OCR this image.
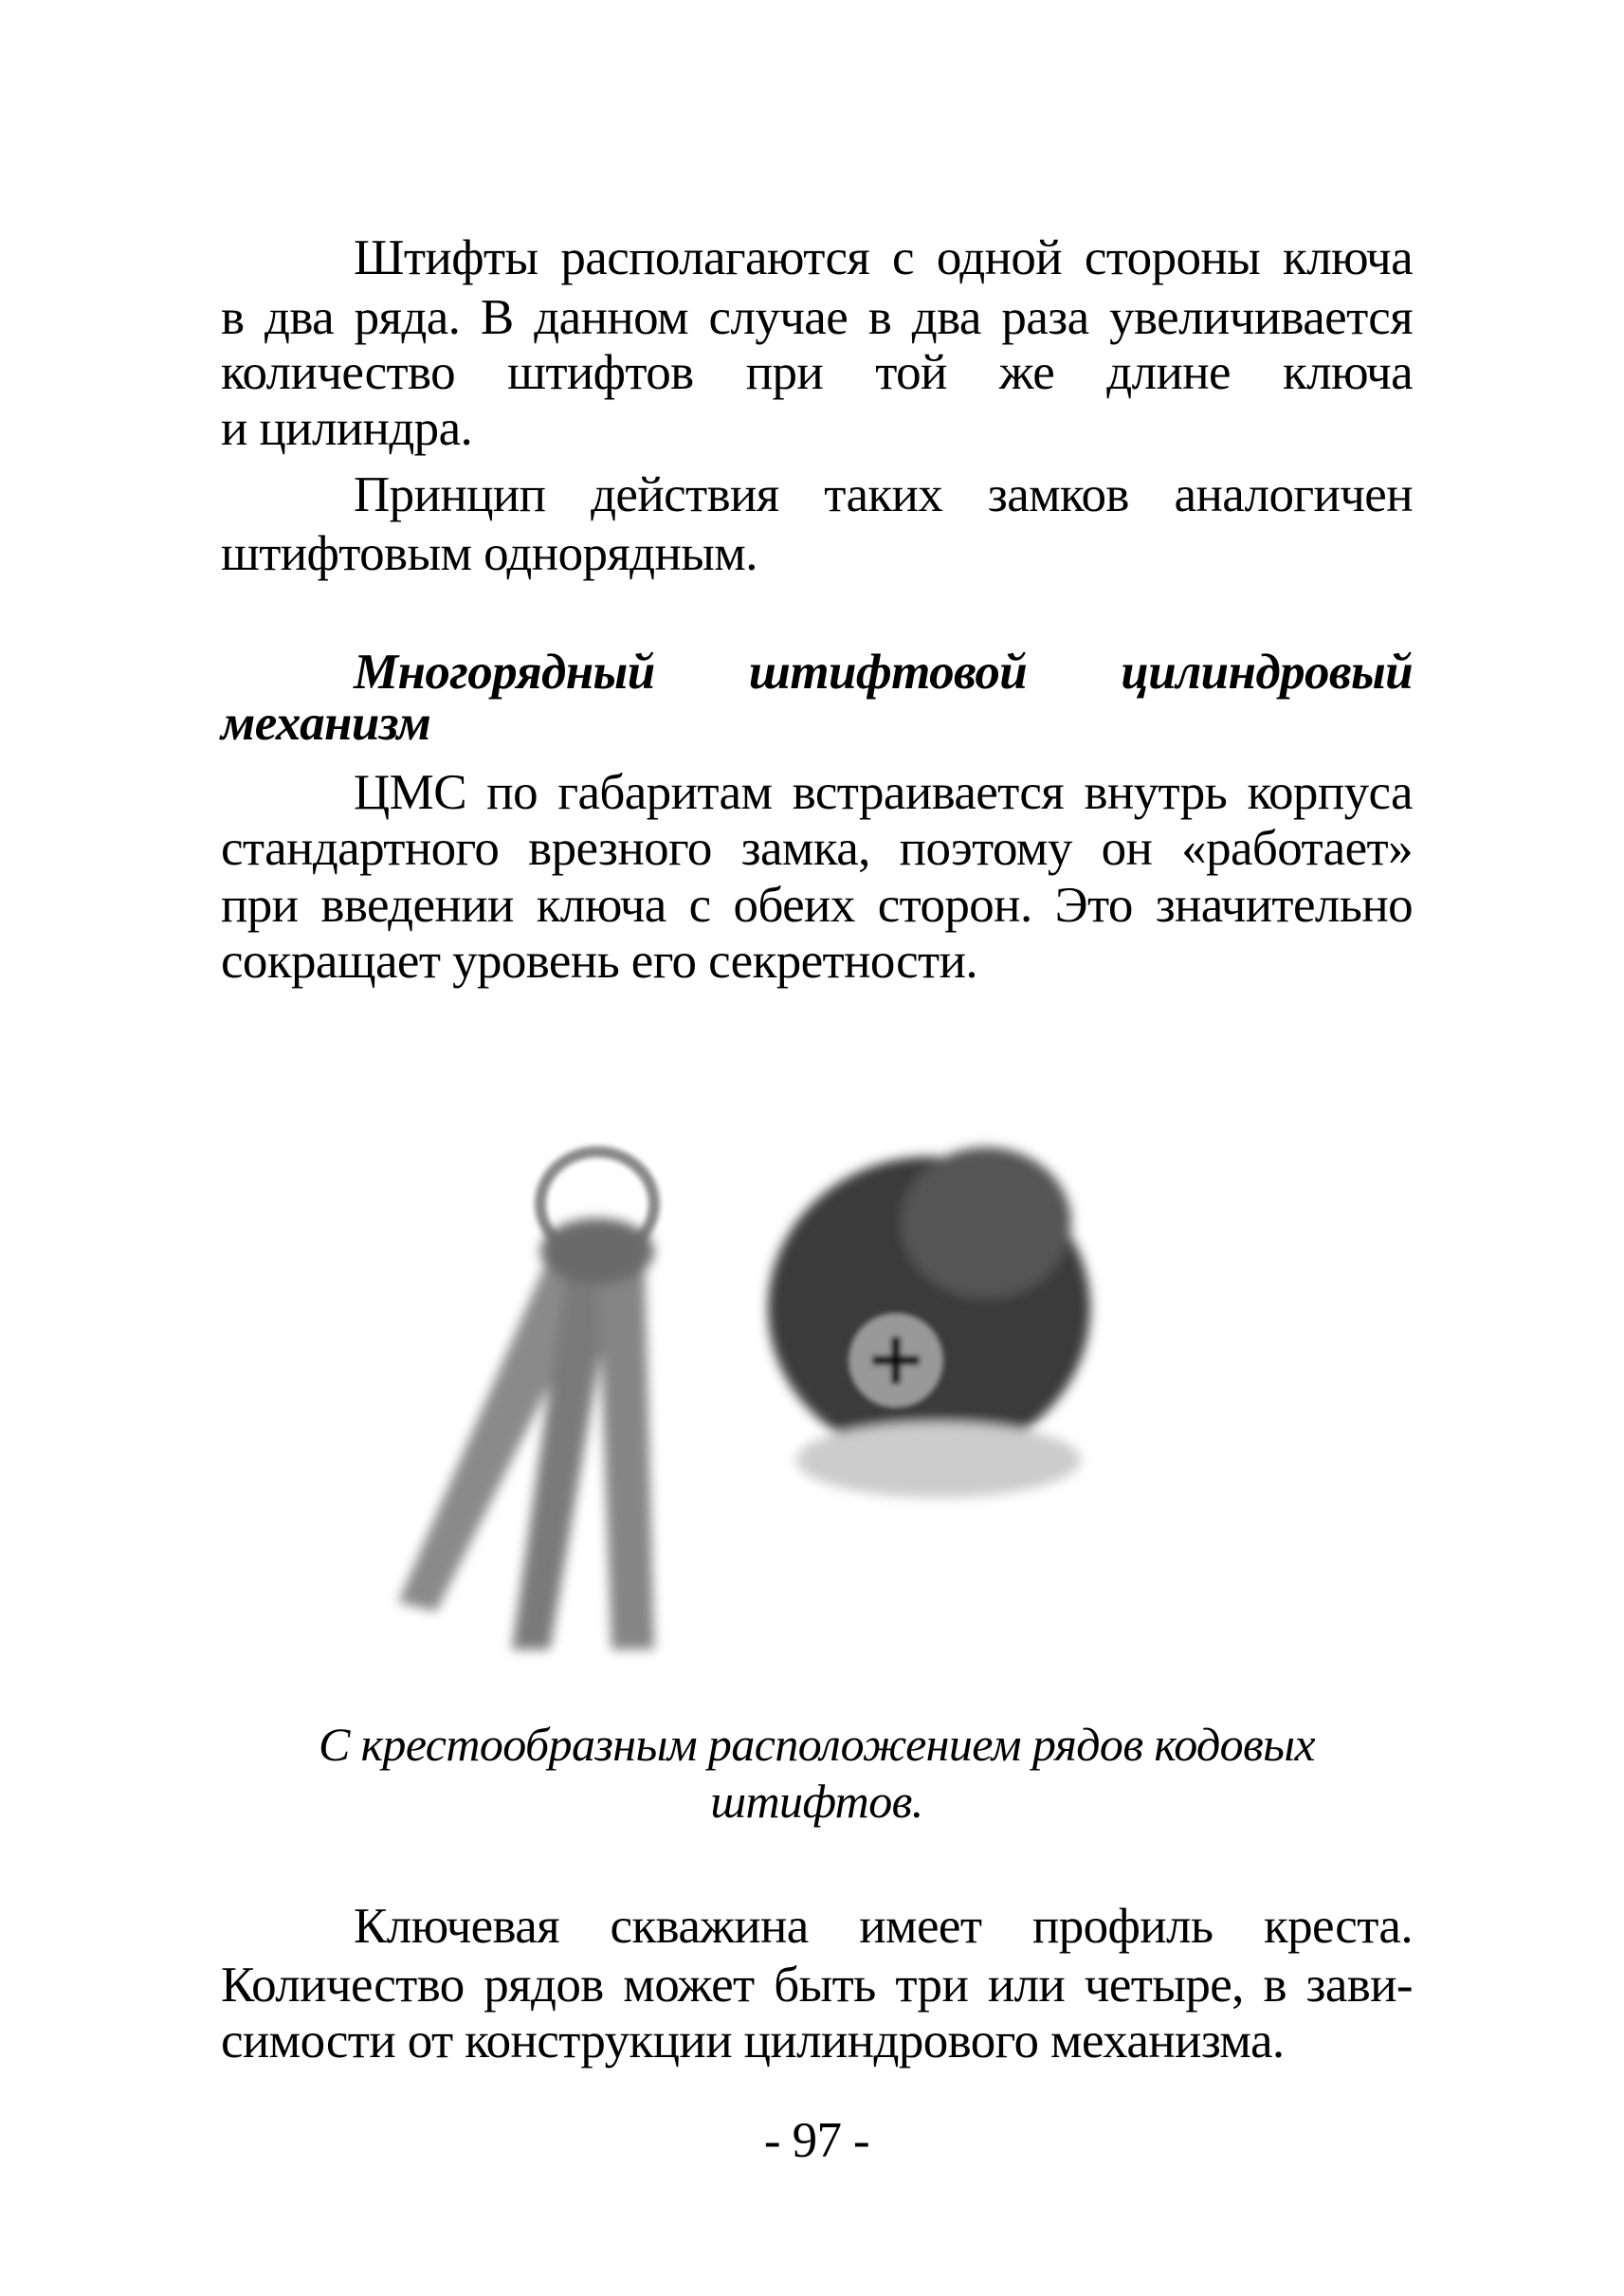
Штифты располагаются с одной стороны ключа
в два ряда. В данном случае в два раза увеличивается
количество штифтов при той же длине ключа
и цилиндра.
Принцип действия таких замков аналогичен
штифтовым однорядным.
Многорядный штифтовой цилиндровый
механизм
ЦМС по габаритам встраивается внутрь корпуса
стандартного врезного замка, поэтому он «работает»
при введении ключа с обеих сторон. Это значительно
сокращает уровень его секретности.
С крестообразным расположением рядов кодовых
штифтов.
Ключевая скважина имеет профиль креста.
Количество рядов может быть три или четыре, в зави-
симости от конструкции цилиндрового механизма.
- 97 -
